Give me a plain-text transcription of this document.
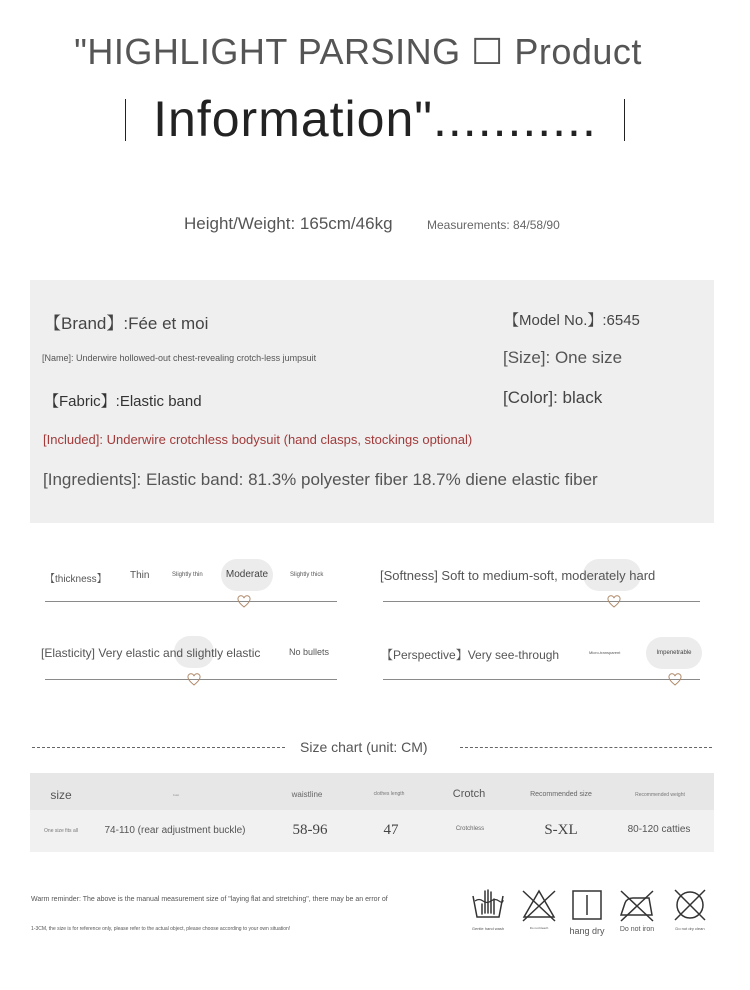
"HIGHLIGHT PARSING ☐ Product
Information"...........
Height/Weight: 165cm/46kg	Measurements: 84/58/90
【Brand】:Fée et moi	【Model No.】:6545
[Name]: Underwire hollowed-out chest-revealing crotch-less jumpsuit	[Size]: One size
【Fabric】:Elastic band	[Color]: black
[Included]: Underwire crotchless bodysuit (hand clasps, stockings optional)
[Ingredients]: Elastic band: 81.3% polyester fiber 18.7% diene elastic fiber
【thickness】 Thin	Slightly thin	Moderate	Slightly thick	[Softness] Soft to medium-soft, moderately hard
[Elasticity] Very elastic and slightly elastic	No bullets	【Perspective】Very see-through	Micro-transparent	Impenetrable
Size chart (unit: CM)
size	bust	waistline	clothes length	Crotch	Recommended size	Recommended weight
One size fits all	74-110 (rear adjustment buckle)	58-96	47	Crotchless	S-XL	80-120 catties
Warm reminder: The above is the manual measurement size of "laying flat and stretching", there may be an error of
1-3CM, the size is for reference only, please refer to the actual object, please choose according to your own situation!	Gentle hand wash	Do not bleach hang dry Do not iron	Do not dry clean
